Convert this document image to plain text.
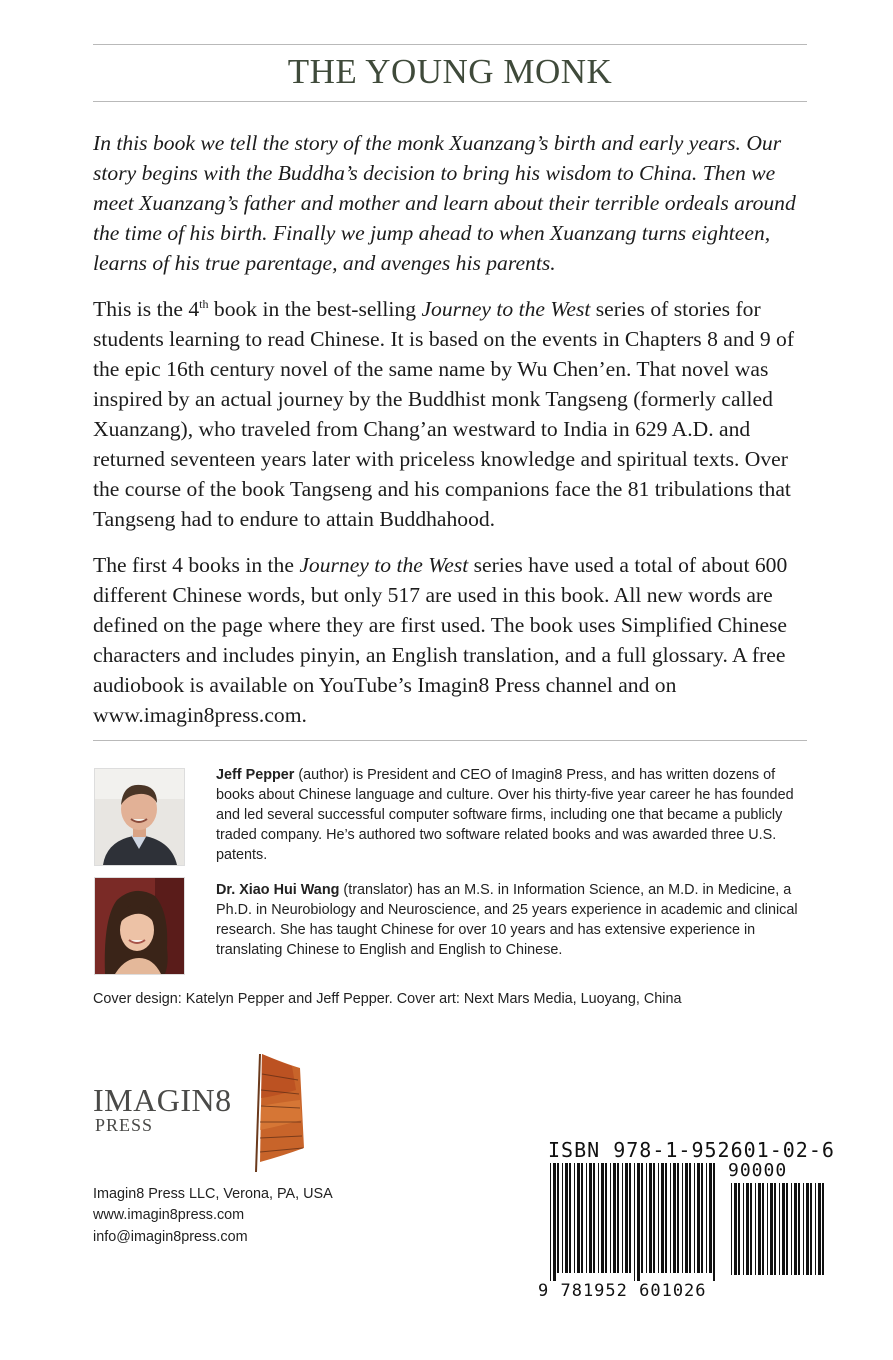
THE YOUNG MONK

In this book we tell the story of the monk Xuanzang’s birth and early years. Our story begins with the Buddha’s decision to bring his wisdom to China. Then we meet Xuanzang’s father and mother and learn about their terrible ordeals around the time of his birth. Finally we jump ahead to when Xuanzang turns eighteen, learns of his true parentage, and avenges his parents.

This is the 4th book in the best-selling Journey to the West series of stories for students learning to read Chinese. It is based on the events in Chapters 8 and 9 of the epic 16th century novel of the same name by Wu Chen’en. That novel was inspired by an actual journey by the Buddhist monk Tangseng (formerly called Xuanzang), who traveled from Chang’an westward to India in 629 A.D. and returned seventeen years later with priceless knowledge and spiritual texts. Over the course of the book Tangseng and his companions face the 81 tribulations that Tangseng had to endure to attain Buddhahood.

The first 4 books in the Journey to the West series have used a total of about 600 different Chinese words, but only 517 are used in this book. All new words are defined on the page where they are first used. The book uses Simplified Chinese characters and includes pinyin, an English translation, and a full glossary. A free audiobook is available on YouTube’s Imagin8 Press channel and on www.imagin8press.com.

Jeff Pepper (author) is President and CEO of Imagin8 Press, and has written dozens of books about Chinese language and culture. Over his thirty-five year career he has founded and led several successful computer software firms, including one that became a publicly traded company. He’s authored two software related books and was awarded three U.S. patents.

Dr. Xiao Hui Wang (translator) has an M.S. in Information Science, an M.D. in Medicine, a Ph.D. in Neurobiology and Neuroscience, and 25 years experience in academic and clinical research. She has taught Chinese for over 10 years and has extensive experience in translating Chinese to English and English to Chinese.

Cover design: Katelyn Pepper and Jeff Pepper. Cover art: Next Mars Media, Luoyang, China
IMAGIN8
PRESS
Imagin8 Press LLC, Verona, PA, USA
www.imagin8press.com
info@imagin8press.com
ISBN 978-1-952601-02-6
90000
9 781952 601026
